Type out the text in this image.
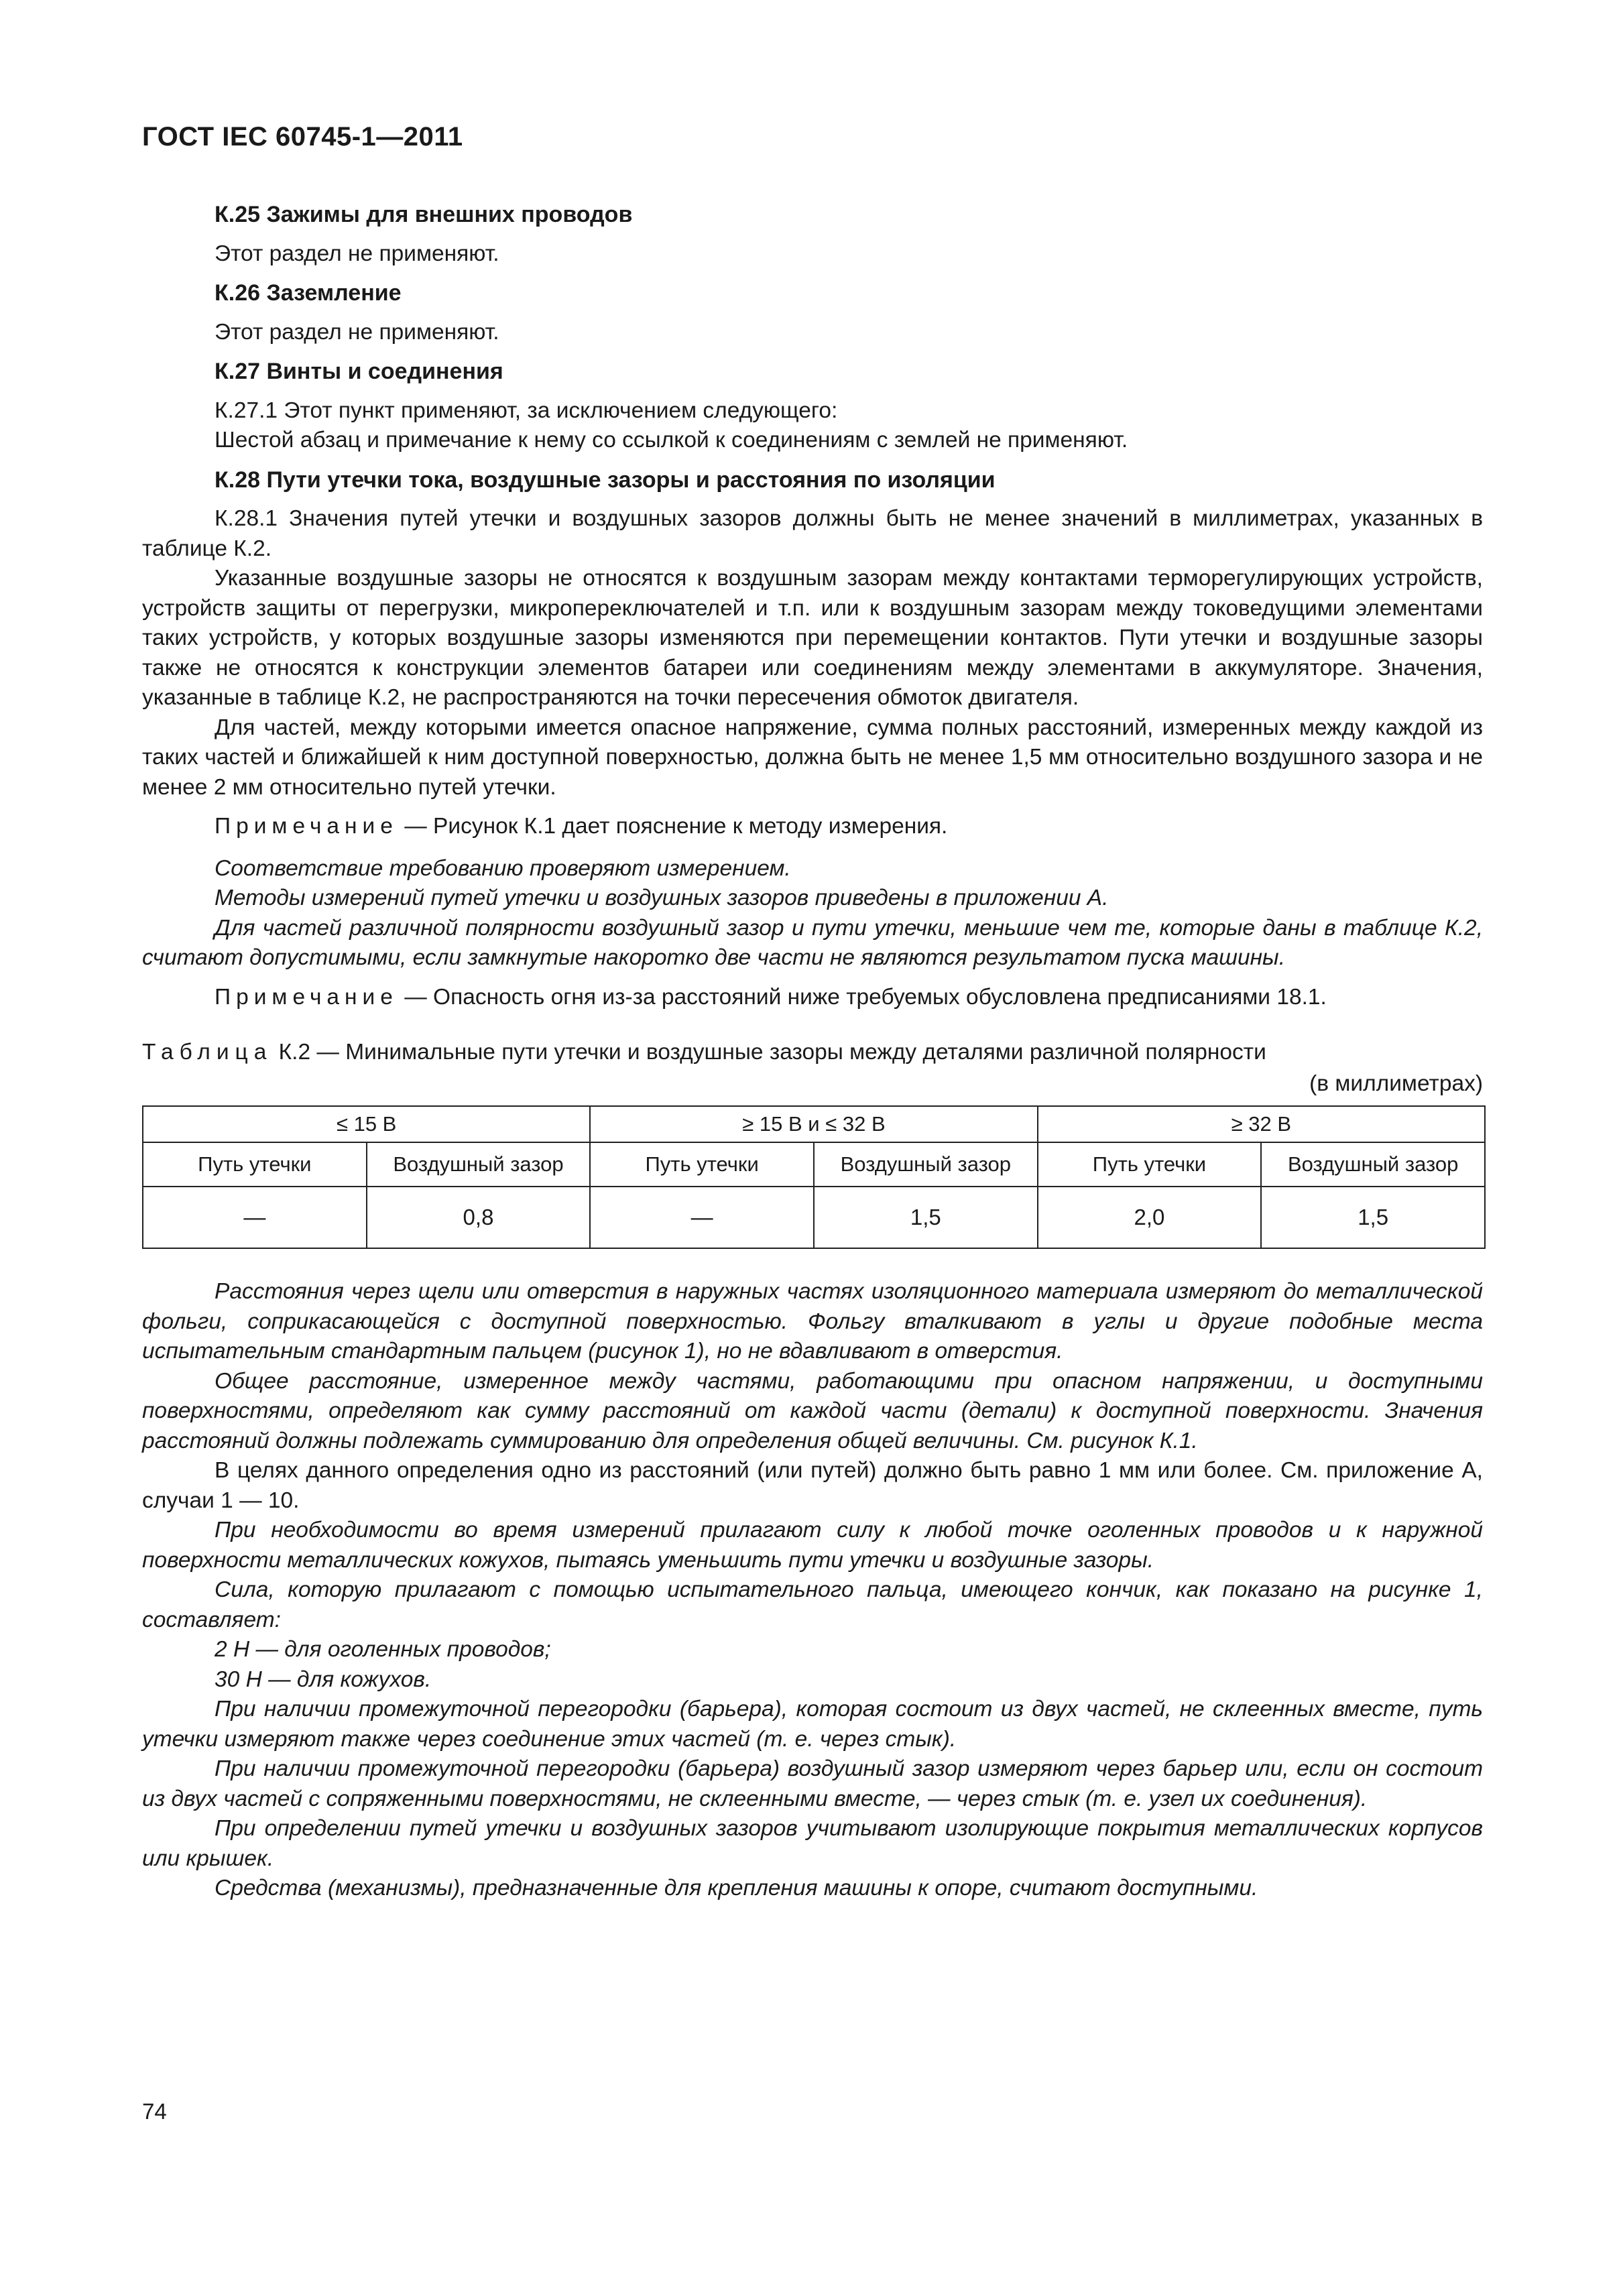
ГОСТ IEC 60745-1—2011
К.25 Зажимы для внешних проводов

Этот раздел не применяют.

К.26 Заземление

Этот раздел не применяют.

К.27 Винты и соединения

К.27.1 Этот пункт применяют, за исключением следующего:

Шестой абзац и примечание к нему со ссылкой к соединениям с землей не применяют.

К.28 Пути утечки тока, воздушные зазоры и расстояния по изоляции

К.28.1 Значения путей утечки и воздушных зазоров должны быть не менее значений в миллиметрах, указанных в таблице К.2.

Указанные воздушные зазоры не относятся к воздушным зазорам между контактами терморегулирующих устройств, устройств защиты от перегрузки, микропереключателей и т.п. или к воздушным зазорам между токоведущими элементами таких устройств, у которых воздушные зазоры изменяются при перемещении контактов. Пути утечки и воздушные зазоры также не относятся к конструкции элементов батареи или соединениям между элементами в аккумуляторе. Значения, указанные в таблице К.2, не распространяются на точки пересечения обмоток двигателя.

Для частей, между которыми имеется опасное напряжение, сумма полных расстояний, измеренных между каждой из таких частей и ближайшей к ним доступной поверхностью, должна быть не менее 1,5 мм относительно воздушного зазора и не менее 2 мм относительно путей утечки.

Примечание — Рисунок К.1 дает пояснение к методу измерения.

Соответствие требованию проверяют измерением.

Методы измерений путей утечки и воздушных зазоров приведены в приложении А.

Для частей различной полярности воздушный зазор и пути утечки, меньшие чем те, которые даны в таблице К.2, считают допустимыми, если замкнутые накоротко две части не являются результатом пуска машины.

Примечание — Опасность огня из-за расстояний ниже требуемых обусловлена предписаниями 18.1.
Таблица К.2 — Минимальные пути утечки и воздушные зазоры между деталями различной полярности
(в миллиметрах)
≤ 15 В		≥ 15 В и ≤ 32 В		≥ 32 В	
Путь утечки	Воздушный зазор	Путь утечки	Воздушный зазор	Путь утечки	Воздушный зазор
—	0,8	—	1,5	2,0	1,5

Расстояния через щели или отверстия в наружных частях изоляционного материала измеряют до металлической фольги, соприкасающейся с доступной поверхностью. Фольгу вталкивают в углы и другие подобные места испытательным стандартным пальцем (рисунок 1), но не вдавливают в отверстия.

Общее расстояние, измеренное между частями, работающими при опасном напряжении, и доступными поверхностями, определяют как сумму расстояний от каждой части (детали) к доступной поверхности. Значения расстояний должны подлежать суммированию для определения общей величины. См. рисунок К.1.

В целях данного определения одно из расстояний (или путей) должно быть равно 1 мм или более. См. приложение А, случаи 1 — 10.

При необходимости во время измерений прилагают силу к любой точке оголенных проводов и к наружной поверхности металлических кожухов, пытаясь уменьшить пути утечки и воздушные зазоры.

Сила, которую прилагают с помощью испытательного пальца, имеющего кончик, как показано на рисунке 1, составляет:

2 Н — для оголенных проводов;

30 Н — для кожухов.

При наличии промежуточной перегородки (барьера), которая состоит из двух частей, не склеенных вместе, путь утечки измеряют также через соединение этих частей (т. е. через стык).

При наличии промежуточной перегородки (барьера) воздушный зазор измеряют через барьер или, если он состоит из двух частей с сопряженными поверхностями, не склеенными вместе, — через стык (т. е. узел их соединения).

При определении путей утечки и воздушных зазоров учитывают изолирующие покрытия металлических корпусов или крышек.

Средства (механизмы), предназначенные для крепления машины к опоре, считают доступными.

74
